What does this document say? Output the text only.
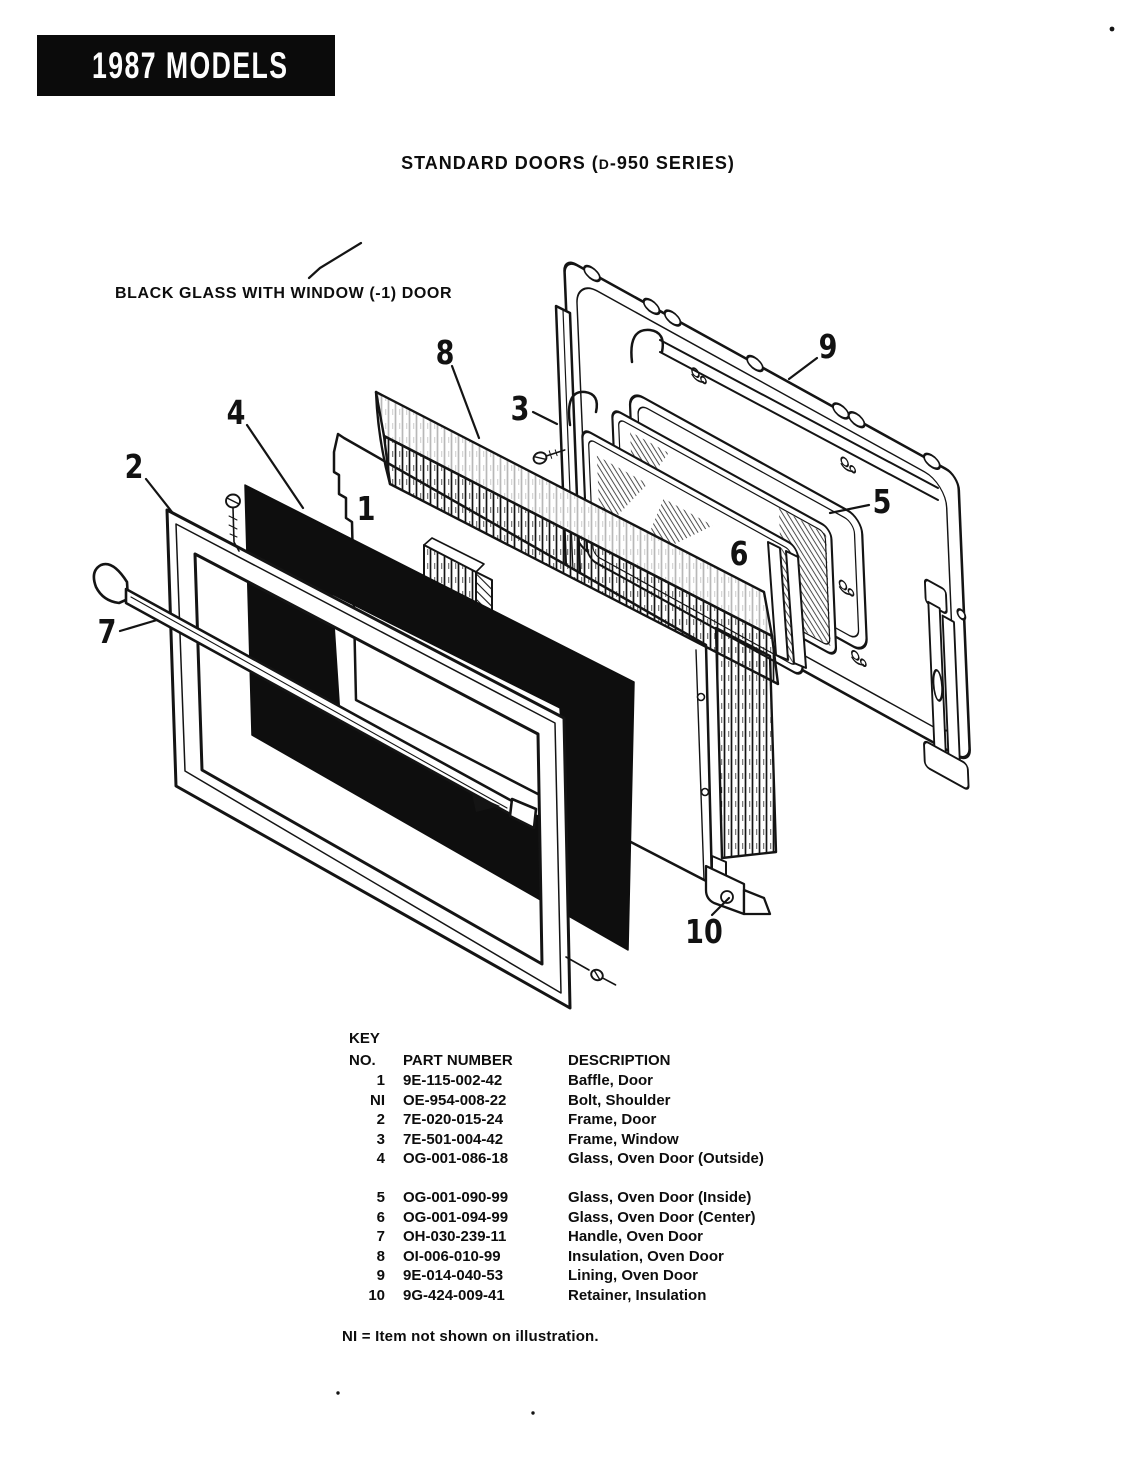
1987 MODELS
STANDARD DOORS (D-950 SERIES)
BLACK GLASS WITH WINDOW (-1) DOOR
1
2
3
4
5
6
7
8	9
10
KEY
NO.	PART NUMBER	DESCRIPTION
1	9E-115-002-42	Baffle, Door
NI	OE-954-008-22	Bolt, Shoulder
2	7E-020-015-24	Frame, Door
3	7E-501-004-42	Frame, Window
4	OG-001-086-18	Glass, Oven Door (Outside)
5	OG-001-090-99	Glass, Oven Door (Inside)
6	OG-001-094-99	Glass, Oven Door (Center)
7	OH-030-239-11	Handle, Oven Door
8	OI-006-010-99	Insulation, Oven Door
9	9E-014-040-53	Lining, Oven Door
10	9G-424-009-41	Retainer, Insulation
NI = Item not shown on illustration.
